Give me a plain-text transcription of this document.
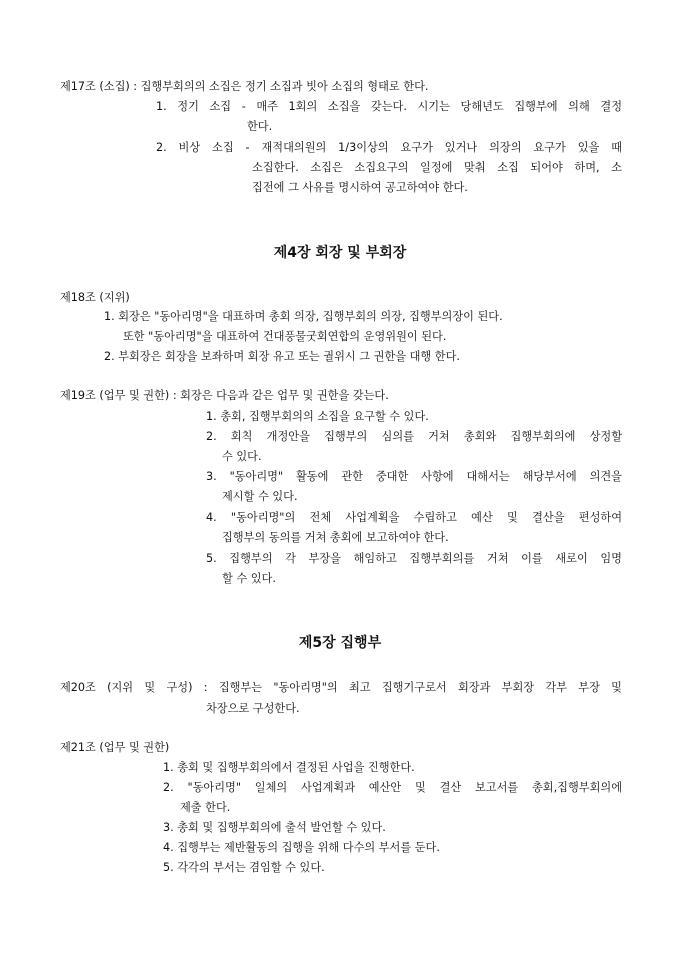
제17조 (소집) : 집행부회의의 소집은 정기 소집과 빗아 소집의 형태로 한다.
1. 정기 소집 - 매주 1회의 소집을 갖는다. 시기는 당해년도 집행부에 의해 결정
한다.
2. 비상 소집 - 재적대의원의 1/3이상의 요구가 있거나 의장의 요구가 있을 때
소집한다. 소집은 소집요구의 일정에 맞춰 소집 되어야 하며, 소
집전에 그 사유를 명시하여 공고하여야 한다.
제4장 회장 및 부회장
제18조 (지위)
1. 회장은 "동아리명"을 대표하며 총회 의장, 집행부회의 의장, 집행부의장이 된다.
또한 "동아리명"을 대표하여 건대풍물굿회연합의 운영위원이 된다.
2. 부회장은 회장을 보좌하며 회장 유고 또는 궐위시 그 권한을 대행 한다.
제19조 (업무 및 권한) : 회장은 다음과 같은 업무 및 권한을 갖는다.
1. 총회, 집행부회의의 소집을 요구할 수 있다.
2. 회칙 개정안을 집행부의 심의를 거쳐 총회와 집행부회의에 상정할
수 있다.
3. "동아리명" 활동에 관한 중대한 사항에 대해서는 해당부서에 의견을
제시할 수 있다.
4. "동아리명"의 전체 사업계획을 수립하고 예산 및 결산을 편성하여
집행부의 동의를 거쳐 총회에 보고하여야 한다.
5. 집행부의 각 부장을 해임하고 집행부회의를 거쳐 이를 새로이 임명
할 수 있다.
제5장 집행부
제20조 (지위 및 구성) : 집행부는 "동아리명"의 최고 집행기구로서 회장과 부회장 각부 부장 및
차장으로 구성한다.
제21조 (업무 및 권한)
1. 총회 및 집행부회의에서 결정된 사업을 진행한다.
2. "동아리명" 일체의 사업계획과 예산안 및 결산 보고서를 총회,집행부회의에
제출 한다.
3. 총회 및 집행부회의에 출석 발언할 수 있다.
4. 집행부는 제반활동의 집행을 위해 다수의 부서를 둔다.
5. 각각의 부서는 겸임할 수 있다.
